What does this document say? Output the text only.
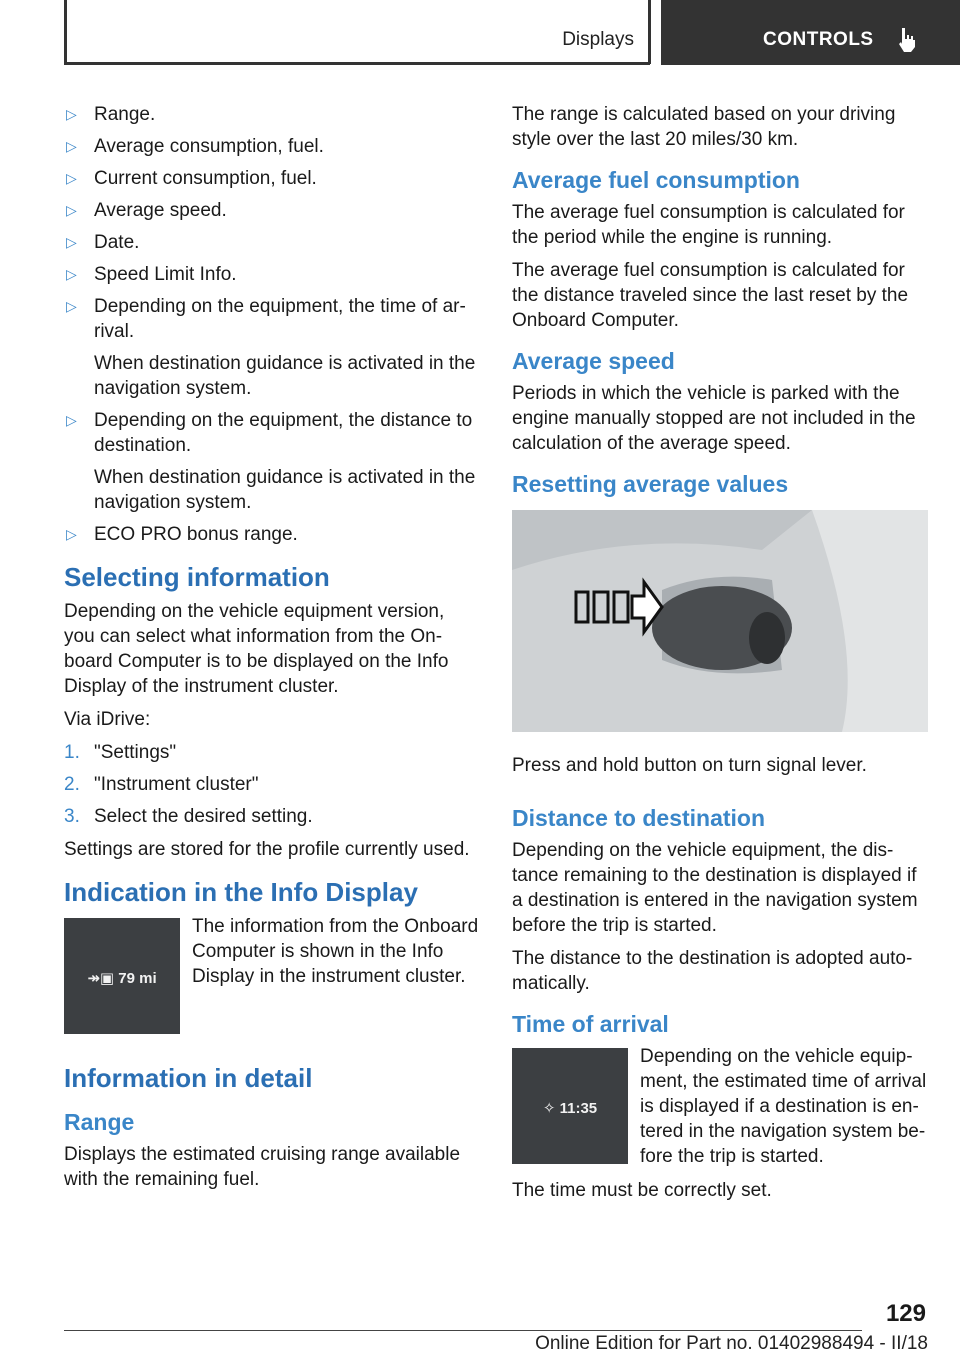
Displays	CONTROLS
▷ Range.
▷ Average consumption, fuel.
▷ Current consumption, fuel.
▷ Average speed.
▷ Date.
▷ Speed Limit Info.
▷ Depending on the equipment, the time of arrival.
When destination guidance is activated in the navigation system.
▷ Depending on the equipment, the distance to destination.
When destination guidance is activated in the navigation system.
▷ ECO PRO bonus range.
Selecting information

Depending on the vehicle equipment version, you can select what information from the Onboard Computer is to be displayed on the Info Display of the instrument cluster.

Via iDrive:

1. "Settings"
2. "Instrument cluster"
3. Select the desired setting.

Settings are stored for the profile currently used.

Indication in the Info Display
↠▣ 79 mi
The information from the Onboard Computer is shown in the Info Display in the instrument cluster.
Information in detail
Range

Displays the estimated cruising range available with the remaining fuel.

The range is calculated based on your driving style over the last 20 miles/30 km.

Average fuel consumption

The average fuel consumption is calculated for the period while the engine is running.

The average fuel consumption is calculated for the distance traveled since the last reset by the Onboard Computer.

Average speed

Periods in which the vehicle is parked with the engine manually stopped are not included in the calculation of the average speed.

Resetting average values

Press and hold button on turn signal lever.

Distance to destination

Depending on the vehicle equipment, the distance remaining to the destination is displayed if a destination is entered in the navigation system before the trip is started.

The distance to the destination is adopted automatically.

Time of arrival
✧ 11:35
Depending on the vehicle equipment, the estimated time of arrival is displayed if a destination is entered in the navigation system before the trip is started.

The time must be correctly set.

129
Online Edition for Part no. 01402988494 - II/18
